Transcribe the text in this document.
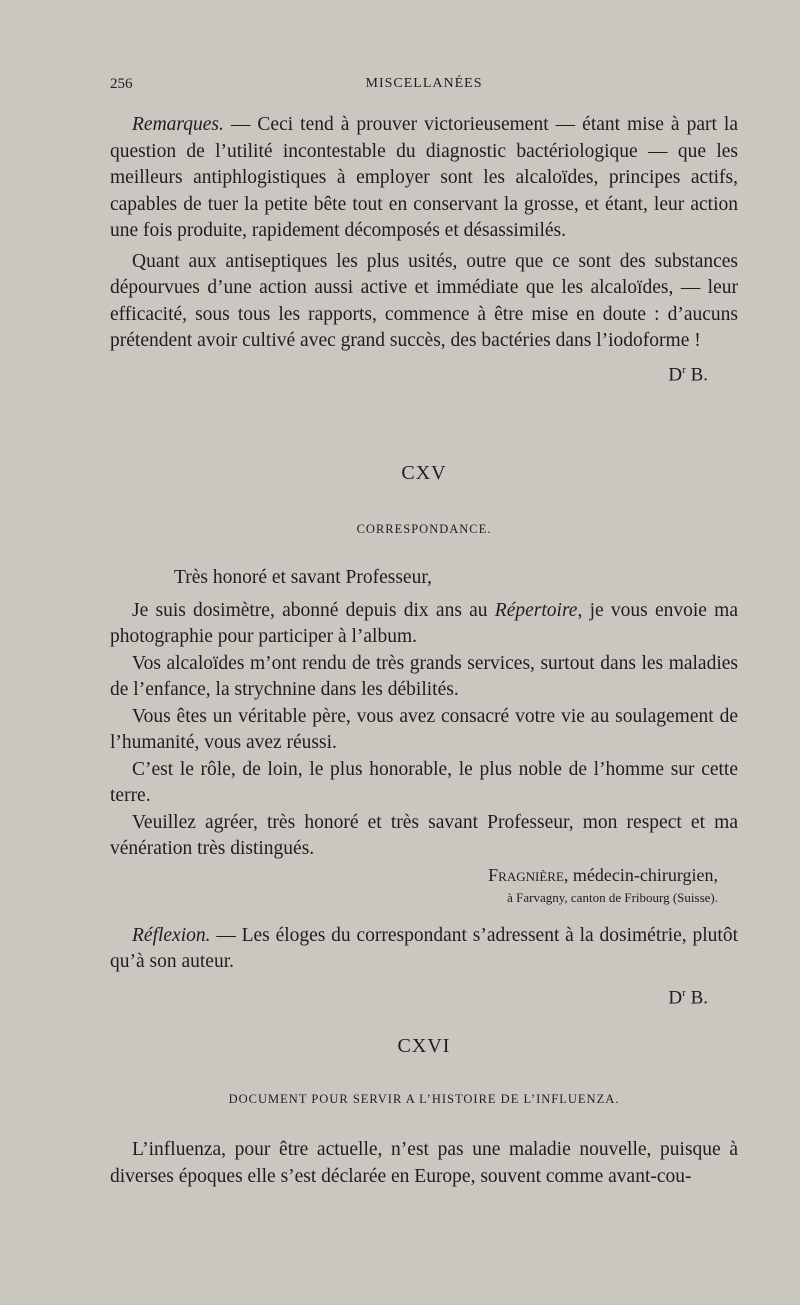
256	MISCELLANÉES

Remarques. — Ceci tend à prouver victorieusement — étant mise à part la question de l’utilité incontestable du diagnostic bactériologique — que les meilleurs antiphlogistiques à employer sont les alcaloïdes, principes actifs, capables de tuer la petite bête tout en conservant la grosse, et étant, leur action une fois produite, rapidement décomposés et désassimilés.

Quant aux antiseptiques les plus usités, outre que ce sont des substances dépourvues d’une action aussi active et immédiate que les alcaloïdes, — leur efficacité, sous tous les rapports, commence à être mise en doute : d’aucuns prétendent avoir cultivé avec grand succès, des bactéries dans l’iodoforme !

$D^r$ B.
CXV
CORRESPONDANCE.

Très honoré et savant Professeur,

Je suis dosimètre, abonné depuis dix ans au Répertoire, je vous envoie ma photographie pour participer à l’album.

Vos alcaloïdes m’ont rendu de très grands services, surtout dans les maladies de l’enfance, la strychnine dans les débilités.

Vous êtes un véritable père, vous avez consacré votre vie au soulagement de l’humanité, vous avez réussi.

C’est le rôle, de loin, le plus honorable, le plus noble de l’homme sur cette terre.

Veuillez agréer, très honoré et très savant Professeur, mon respect et ma vénération très distingués.

Fragnière, médecin-chirurgien,
à Farvagny, canton de Fribourg (Suisse).

Réflexion. — Les éloges du correspondant s’adressent à la dosimétrie, plutôt qu’à son auteur.

$D^r$ B.
CXVI
DOCUMENT POUR SERVIR A L’HISTOIRE DE L’INFLUENZA.

L’influenza, pour être actuelle, n’est pas une maladie nouvelle, puisque à diverses époques elle s’est déclarée en Europe, souvent comme avant-cou-
